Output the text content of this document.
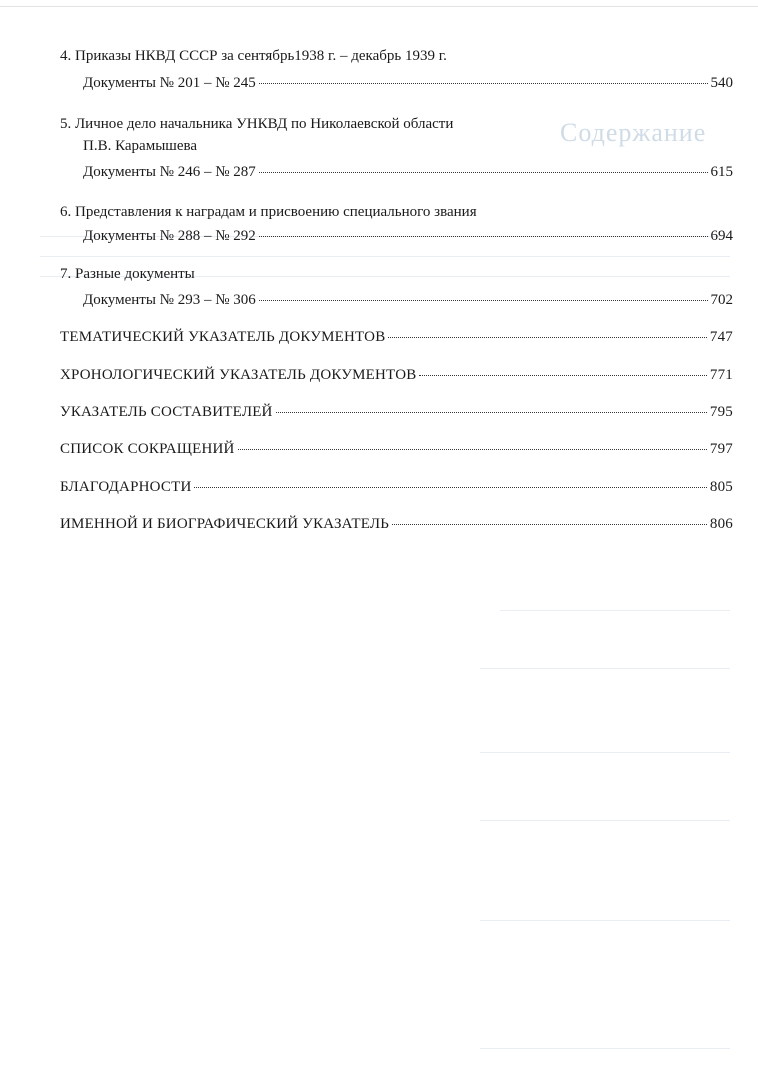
Содержание
4. Приказы НКВД СССР за сентябрь1938 г. – декабрь 1939 г.
Документы № 201 – № 245	540
5. Личное дело начальника УНКВД по Николаевской области
П.В. Карамышева
Документы № 246 – № 287	615
6. Представления к наградам и присвоению специального звания
Документы № 288 – № 292	694
7. Разные документы
Документы № 293 – № 306	702
ТЕМАТИЧЕСКИЙ УКАЗАТЕЛЬ ДОКУМЕНТОВ	747
ХРОНОЛОГИЧЕСКИЙ УКАЗАТЕЛЬ ДОКУМЕНТОВ	771
УКАЗАТЕЛЬ СОСТАВИТЕЛЕЙ	795
СПИСОК СОКРАЩЕНИЙ	797
БЛАГОДАРНОСТИ	805
ИМЕННОЙ И БИОГРАФИЧЕСКИЙ УКАЗАТЕЛЬ	806
